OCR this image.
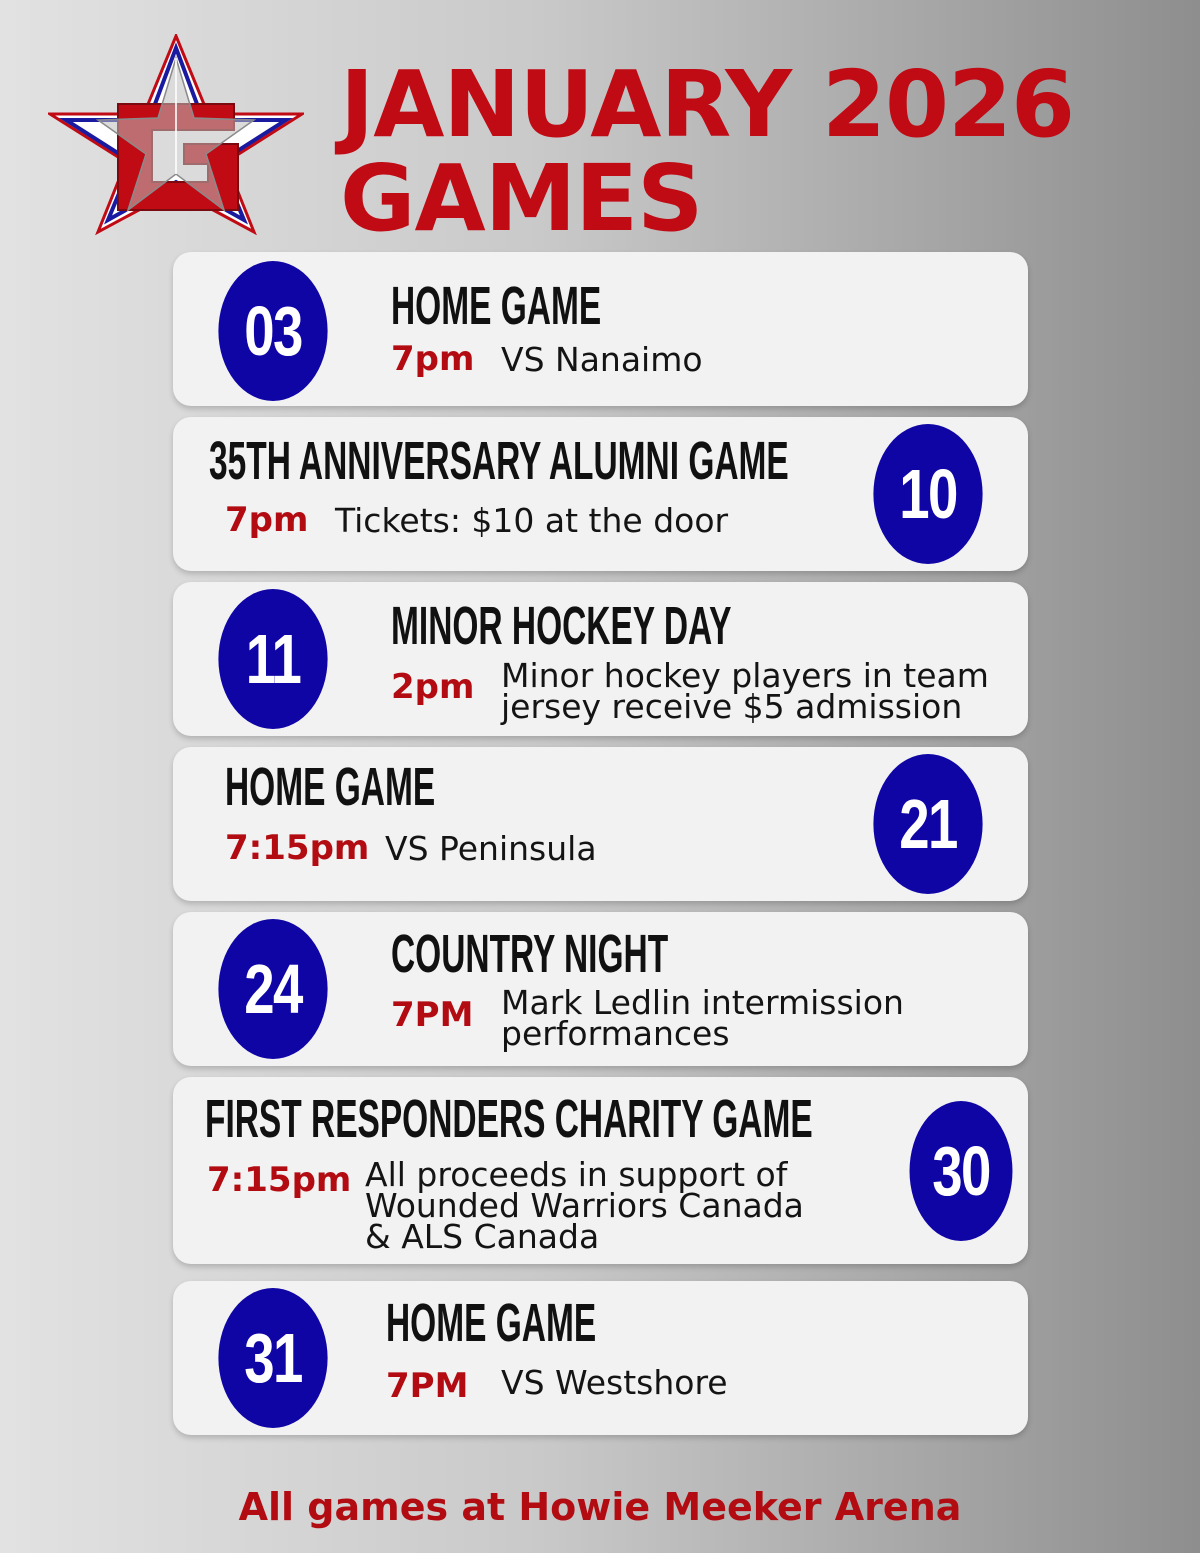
JANUARY 2026
GAMES
03	HOME GAME
7pm VS Nanaimo
35TH ANNIVERSARY ALUMNI GAME
7pm Tickets: $10 at the door	10
11	MINOR HOCKEY DAY
2pm Minor hockey players in team
jersey receive $5 admission
HOME GAME
7:15pm VS Peninsula	21
24	COUNTRY NIGHT
7PM Mark Ledlin intermission
performances
FIRST RESPONDERS CHARITY GAME
7:15pm All proceeds in support of
Wounded Warriors Canada
& ALS Canada
30
31	HOME GAME
7PM VS Westshore
All games at Howie Meeker Arena
